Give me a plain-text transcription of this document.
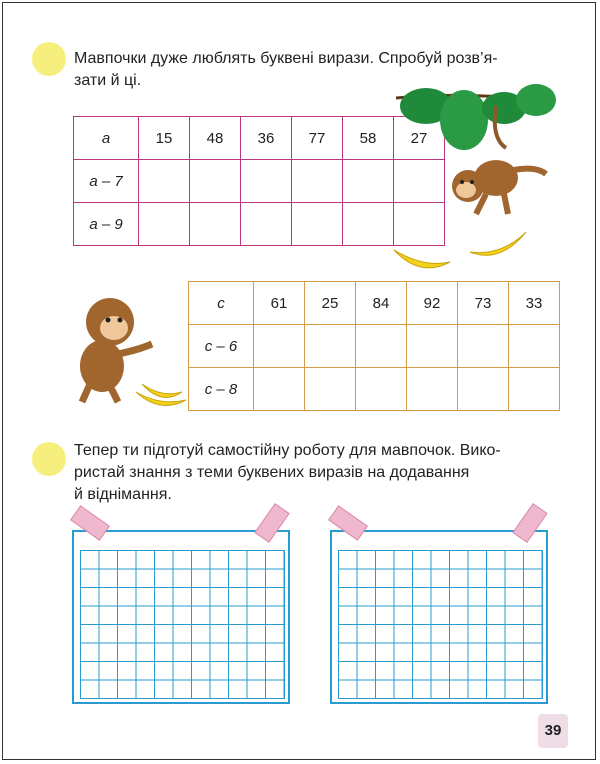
Мавпочки дуже люблять буквені вирази. Спробуй розв’я-
зати й ці.
a	15	48	36	77	58	27
a – 7						
a – 9						
c	61	25	84	92	73	33
c – 6						
c – 8						
Тепер ти підготуй самостійну роботу для мавпочок. Вико-
ристай знання з теми буквених виразів на додавання
й віднімання.
39
